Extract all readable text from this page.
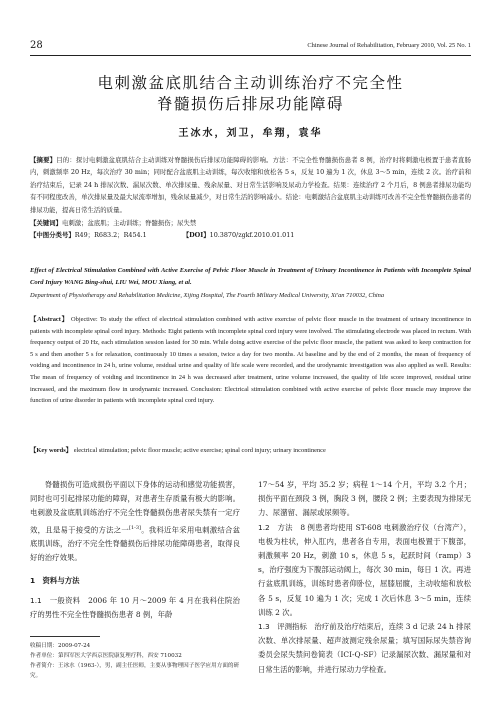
28	Chinese Journal of Rehabilitation, February 2010, Vol. 25 No. 1
电刺激盆底肌结合主动训练治疗不完全性
脊髓损伤后排尿功能障碍
王冰水，刘卫，牟翔，袁华
【摘要】目的：探讨电刺激盆底肌结合主动训练对脊髓损伤后排尿功能障碍的影响。方法：不完全性脊髓损伤患者 8 例，治疗时将刺激电极置于患者直肠内，刺激频率 20 Hz，每次治疗 30 min；同时配合盆底肌主动训练，每次收缩和放松各 5 s，反复 10 遍为 1 次，休息 3～5 min，连续 2 次。治疗前和治疗结束后，记录 24 h 排尿次数、漏尿次数、单次排尿量、残余尿量、对日常生活影响及尿动力学检查。结果：连续治疗 2 个月后，8 例患者排尿功能均有不同程度改善，单次排尿量及最大尿流率增加，残余尿量减少，对日常生活的影响减小。结论：电刺激结合盆底肌主动训练可改善不完全性脊髓损伤患者的排尿功能，提高日常生活的质量。
【关键词】电刺激；盆底肌；主动训练；脊髓损伤；尿失禁
【中图分类号】R49；R683.2；R454.1	【DOI】10.3870/zgkf.2010.01.011
Effect of Electrical Stimulation Combined with Active Exercise of Pelvic Floor Muscle in Treatment of Urinary Incontinence in Patients with Incomplete Spinal Cord Injury WANG Bing-shui, LIU Wei, MOU Xiang, et al.
Department of Physiotherapy and Rehabilitation Medicine, Xijing Hospital, The Fourth Military Medical University, Xi'an 710032, China
【Abstract】 Objective: To study the effect of electrical stimulation combined with active exercise of pelvic floor muscle in the treatment of urinary incontinence in patients with incomplete spinal cord injury. Methods: Eight patients with incomplete spinal cord injury were involved. The stimulating electrode was placed in rectum. With frequency output of 20 Hz, each stimulation session lasted for 30 min. While doing active exercise of the pelvic floor muscle, the patient was asked to keep contraction for 5 s and then another 5 s for relaxation, continuously 10 times a session, twice a day for two months. At baseline and by the end of 2 months, the mean of frequency of voiding and incontinence in 24 h, urine volume, residual urine and quality of life scale were recorded, and the urodynamic investigation was also applied as well. Results: The mean of frequency of voiding and incontinence in 24 h was decreased after treatment, urine volume increased, the quality of life score improved, residual urine increased, and the maximum flow in urodynamic increased. Conclusion: Electrical stimulation combined with active exercise of pelvic floor muscle may improve the function of urine disorder in patients with incomplete spinal cord injury.
【Key words】 electrical stimulation; pelvic floor muscle; active exercise; spinal cord injury; urinary incontinence

脊髓损伤可造成损伤平面以下身体的运动和感觉功能损害，同时也可引起排尿功能的障碍，对患者生存质量有极大的影响。电刺激及盆底肌训练治疗不完全性脊髓损伤患者尿失禁有一定疗效，且是易于接受的方法之一[1-3]。我科近年采用电刺激结合盆底肌训练，治疗不完全性脊髓损伤后排尿功能障碍患者，取得良好的治疗效果。

1　资料与方法

1.1　一般资料　 2006 年 10 月～2009 年 4 月在我科住院治疗的男性不完全性脊髓损伤患者 8 例，年龄

收稿日期：2009-07-24
作者单位：第四军医大学西京医院康复理疗科，西安 710032
作者简介：王冰水（1963-），男，副主任医师，主要从事物理因子医学应用方面的研究。

17～54 岁，平均 35.2 岁；病程 1～14 个月，平均 3.2 个月；损伤平面在颈段 3 例，胸段 3 例，腰段 2 例；主要表现为排尿无力、尿潴留、漏尿或尿频等。

1.2　方法　 8 例患者均使用 ST-608 电刺激治疗仪（台湾产），电极为柱状，伸入肛内，患者各自专用，表面电极置于下腹部，刺激频率 20 Hz，刺激 10 s，休息 5 s，起跃时间（ramp）3 s，治疗强度为下腹部运动阈上，每次 30 min，每日 1 次。再进行盆底肌训练，训练时患者仰卧位，屈膝屈髋，主动收缩和放松各 5 s，反复 10 遍为 1 次；完成 1 次后休息 3～5 min，连续训练 2 次。

1.3　评测指标　 治疗前及治疗结束后，连续 3 d 记录 24 h 排尿次数、单次排尿量、超声波测定残余尿量；填写国际尿失禁咨询委员会尿失禁问卷简表（ICI-Q-SF）记录漏尿次数、漏尿量和对日常生活的影响，并进行尿动力学检查。
